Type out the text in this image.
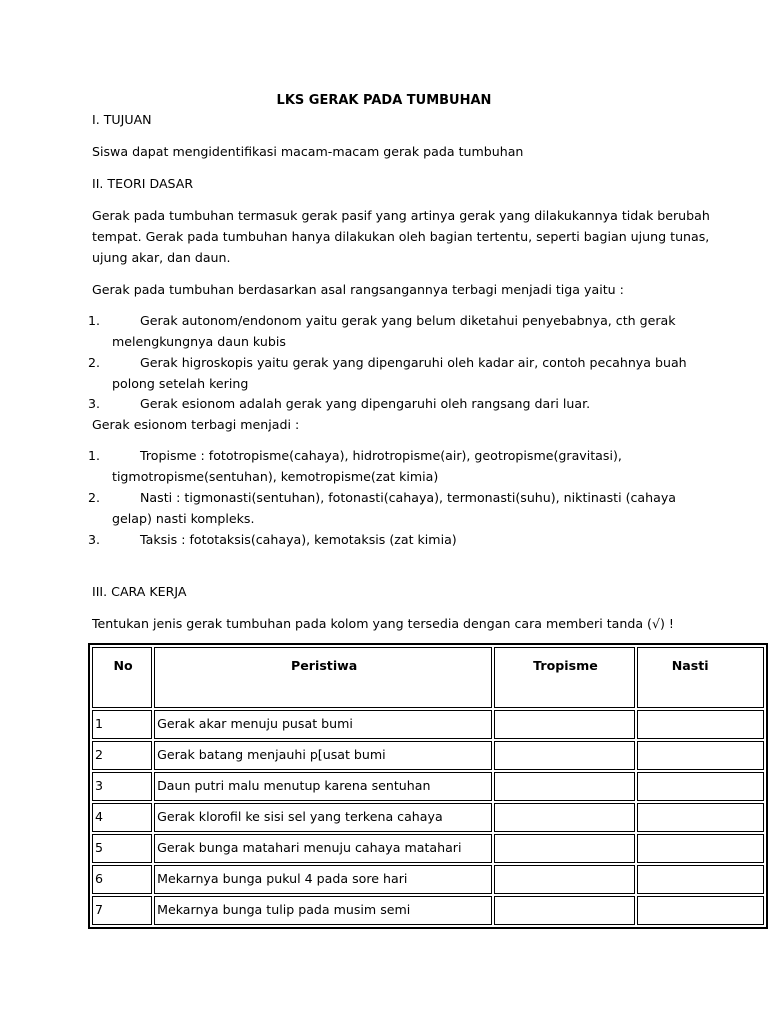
LKS GERAK PADA TUMBUHAN
I. TUJUAN
Siswa dapat mengidentifikasi macam-macam gerak pada tumbuhan
II. TEORI DASAR
Gerak pada tumbuhan termasuk gerak pasif yang artinya gerak yang dilakukannya tidak berubah
tempat. Gerak pada tumbuhan hanya dilakukan oleh bagian tertentu, seperti bagian ujung tunas,
ujung akar, dan daun.
Gerak pada tumbuhan berdasarkan asal rangsangannya terbagi menjadi tiga yaitu :
1.	Gerak autonom/endonom yaitu gerak yang belum diketahui penyebabnya, cth gerak
melengkungnya daun kubis
2.	Gerak higroskopis yaitu gerak yang dipengaruhi oleh kadar air, contoh pecahnya buah
polong setelah kering
3.	Gerak esionom adalah gerak yang dipengaruhi oleh rangsang dari luar.
Gerak esionom terbagi menjadi :
1.	Tropisme : fototropisme(cahaya), hidrotropisme(air), geotropisme(gravitasi),
tigmotropisme(sentuhan), kemotropisme(zat kimia)
2.	Nasti : tigmonasti(sentuhan), fotonasti(cahaya), termonasti(suhu), niktinasti (cahaya
gelap) nasti kompleks.
3.	Taksis : fototaksis(cahaya), kemotaksis (zat kimia)
III. CARA KERJA
Tentukan jenis gerak tumbuhan pada kolom yang tersedia dengan cara memberi tanda (√) !
No	Peristiwa	Tropisme	Nasti
1	Gerak akar menuju pusat bumi		
2	Gerak batang menjauhi p[usat bumi		
3	Daun putri malu menutup karena sentuhan		
4	Gerak klorofil ke sisi sel yang terkena cahaya		
5	Gerak bunga matahari menuju cahaya matahari		
6	Mekarnya bunga pukul 4 pada sore hari		
7	Mekarnya bunga tulip pada musim semi		
